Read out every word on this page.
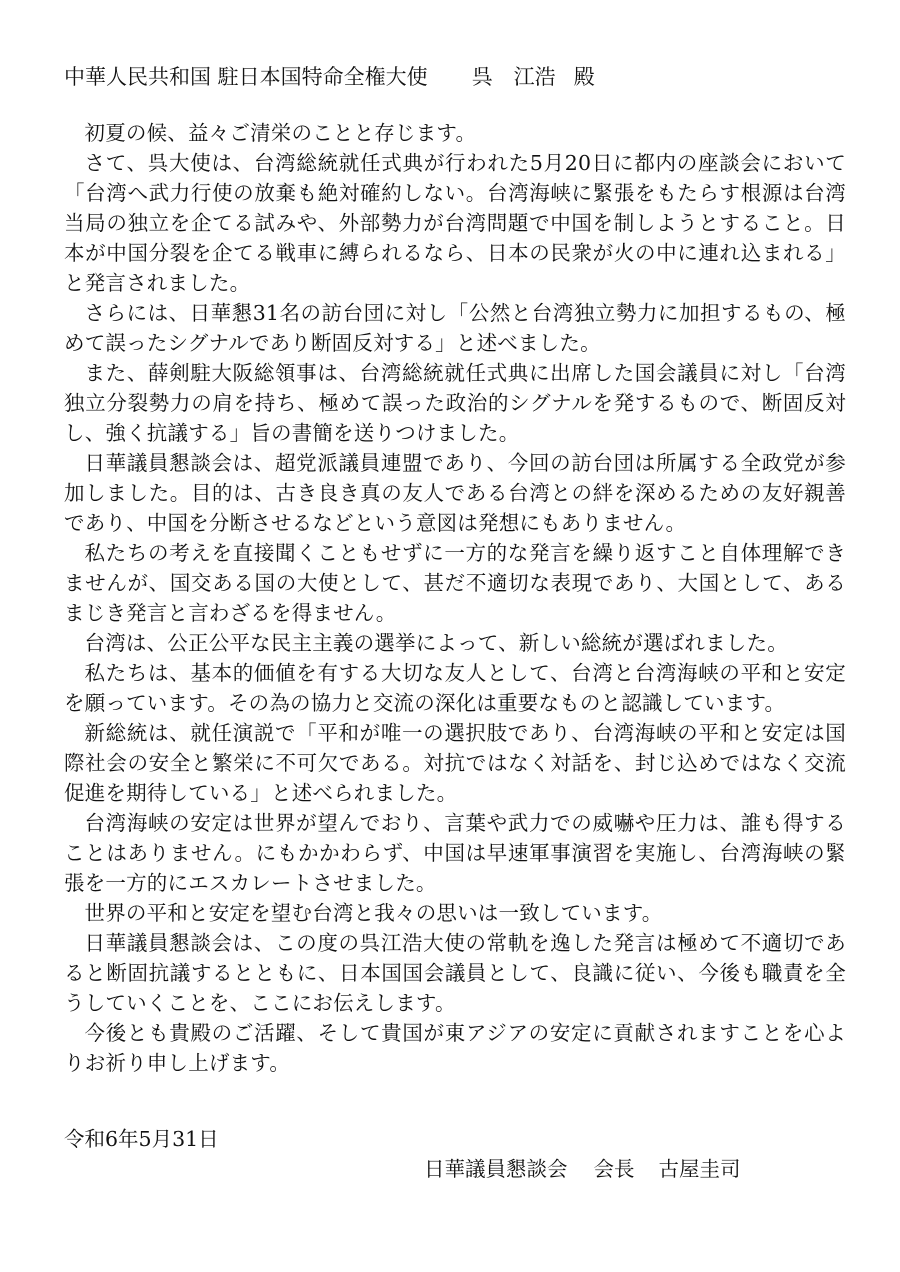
中華人民共和国 駐日本国特命全権大使 呉　江浩 殿

初夏の候、益々ご清栄のことと存じます。

さて、呉大使は、台湾総統就任式典が行われた5月20日に都内の座談会において「台湾へ武力行使の放棄も絶対確約しない。台湾海峡に緊張をもたらす根源は台湾当局の独立を企てる試みや、外部勢力が台湾問題で中国を制しようとすること。日本が中国分裂を企てる戦車に縛られるなら、日本の民衆が火の中に連れ込まれる」と発言されました。

さらには、日華懇31名の訪台団に対し「公然と台湾独立勢力に加担するもの、極めて誤ったシグナルであり断固反対する」と述べました。

また、薛剣駐大阪総領事は、台湾総統就任式典に出席した国会議員に対し「台湾独立分裂勢力の肩を持ち、極めて誤った政治的シグナルを発するもので、断固反対し、強く抗議する」旨の書簡を送りつけました。

日華議員懇談会は、超党派議員連盟であり、今回の訪台団は所属する全政党が参加しました。目的は、古き良き真の友人である台湾との絆を深めるための友好親善であり、中国を分断させるなどという意図は発想にもありません。

私たちの考えを直接聞くこともせずに一方的な発言を繰り返すこと自体理解できませんが、国交ある国の大使として、甚だ不適切な表現であり、大国として、あるまじき発言と言わざるを得ません。

台湾は、公正公平な民主主義の選挙によって、新しい総統が選ばれました。

私たちは、基本的価値を有する大切な友人として、台湾と台湾海峡の平和と安定を願っています。その為の協力と交流の深化は重要なものと認識しています。

新総統は、就任演説で「平和が唯一の選択肢であり、台湾海峡の平和と安定は国際社会の安全と繁栄に不可欠である。対抗ではなく対話を、封じ込めではなく交流促進を期待している」と述べられました。

台湾海峡の安定は世界が望んでおり、言葉や武力での威嚇や圧力は、誰も得することはありません。にもかかわらず、中国は早速軍事演習を実施し、台湾海峡の緊張を一方的にエスカレートさせました。

世界の平和と安定を望む台湾と我々の思いは一致しています。

日華議員懇談会は、この度の呉江浩大使の常軌を逸した発言は極めて不適切であると断固抗議するとともに、日本国国会議員として、良識に従い、今後も職責を全うしていくことを、ここにお伝えします。

今後とも貴殿のご活躍、そして貴国が東アジアの安定に貢献されますことを心よりお祈り申し上げます。

令和6年5月31日
日華議員懇談会 会長 古屋圭司
